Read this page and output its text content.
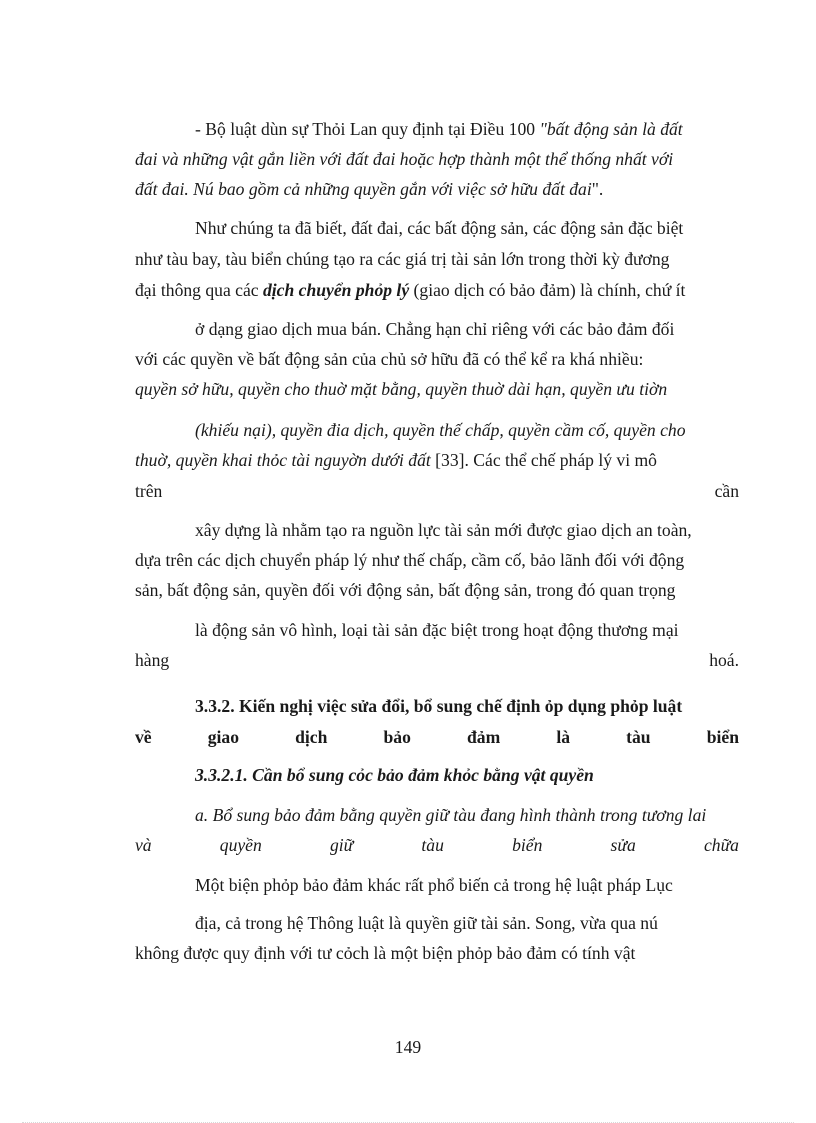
- Bộ luật dùn sự Thỏi Lan quy định tại Điều 100 "bất động sản là đất
đai và những vật gắn liền với đất đai hoặc hợp thành một thể thống nhất với
đất đai. Nú bao gồm cả những quyền gắn với việc sở hữu đất đai".
Như chúng ta đã biết, đất đai, các bất động sản, các động sản đặc biệt
như tàu bay, tàu biển chúng tạo ra các giá trị tài sản lớn trong thời kỳ đương
đại thông qua các dịch chuyển phỏp lý (giao dịch có bảo đảm) là chính, chứ ít
ở dạng giao dịch mua bán. Chẳng hạn chỉ riêng với các bảo đảm đối
với các quyền về bất động sản của chủ sở hữu đã có thể kể ra khá nhiều:
quyền sở hữu, quyền cho thuờ mặt bằng, quyền thuờ dài hạn, quyền ưu tiờn
(khiếu nại), quyền đia dịch, quyền thế chấp, quyền cầm cố, quyền cho
thuờ, quyền khai thỏc tài nguyờn dưới đất [33]. Các thể chế pháp lý vi mô
trên	cần
xây dựng là nhằm tạo ra nguồn lực tài sản mới được giao dịch an toàn,
dựa trên các dịch chuyển pháp lý như thế chấp, cầm cố, bảo lãnh đối với động
sản, bất động sản, quyền đối với động sản, bất động sản, trong đó quan trọng
là động sản vô hình, loại tài sản đặc biệt trong hoạt động thương mại
hàng	hoá.
3.3.2. Kiến nghị việc sửa đổi, bổ sung chế định ỏp dụng phỏp luật
về	giao	dịch	bảo	đảm	là	tàu	biển
3.3.2.1. Cần bổ sung cỏc bảo đảm khỏc bằng vật quyền
a. Bổ sung bảo đảm bằng quyền giữ tàu đang hình thành trong tương lai
và	quyền	giữ	tàu	biển	sửa	chữa
Một biện phỏp bảo đảm khác rất phổ biến cả trong hệ luật pháp Lục
địa, cả trong hệ Thông luật là quyền giữ tài sản. Song, vừa qua nú
không được quy định với tư cỏch là một biện phỏp bảo đảm có tính vật
149
